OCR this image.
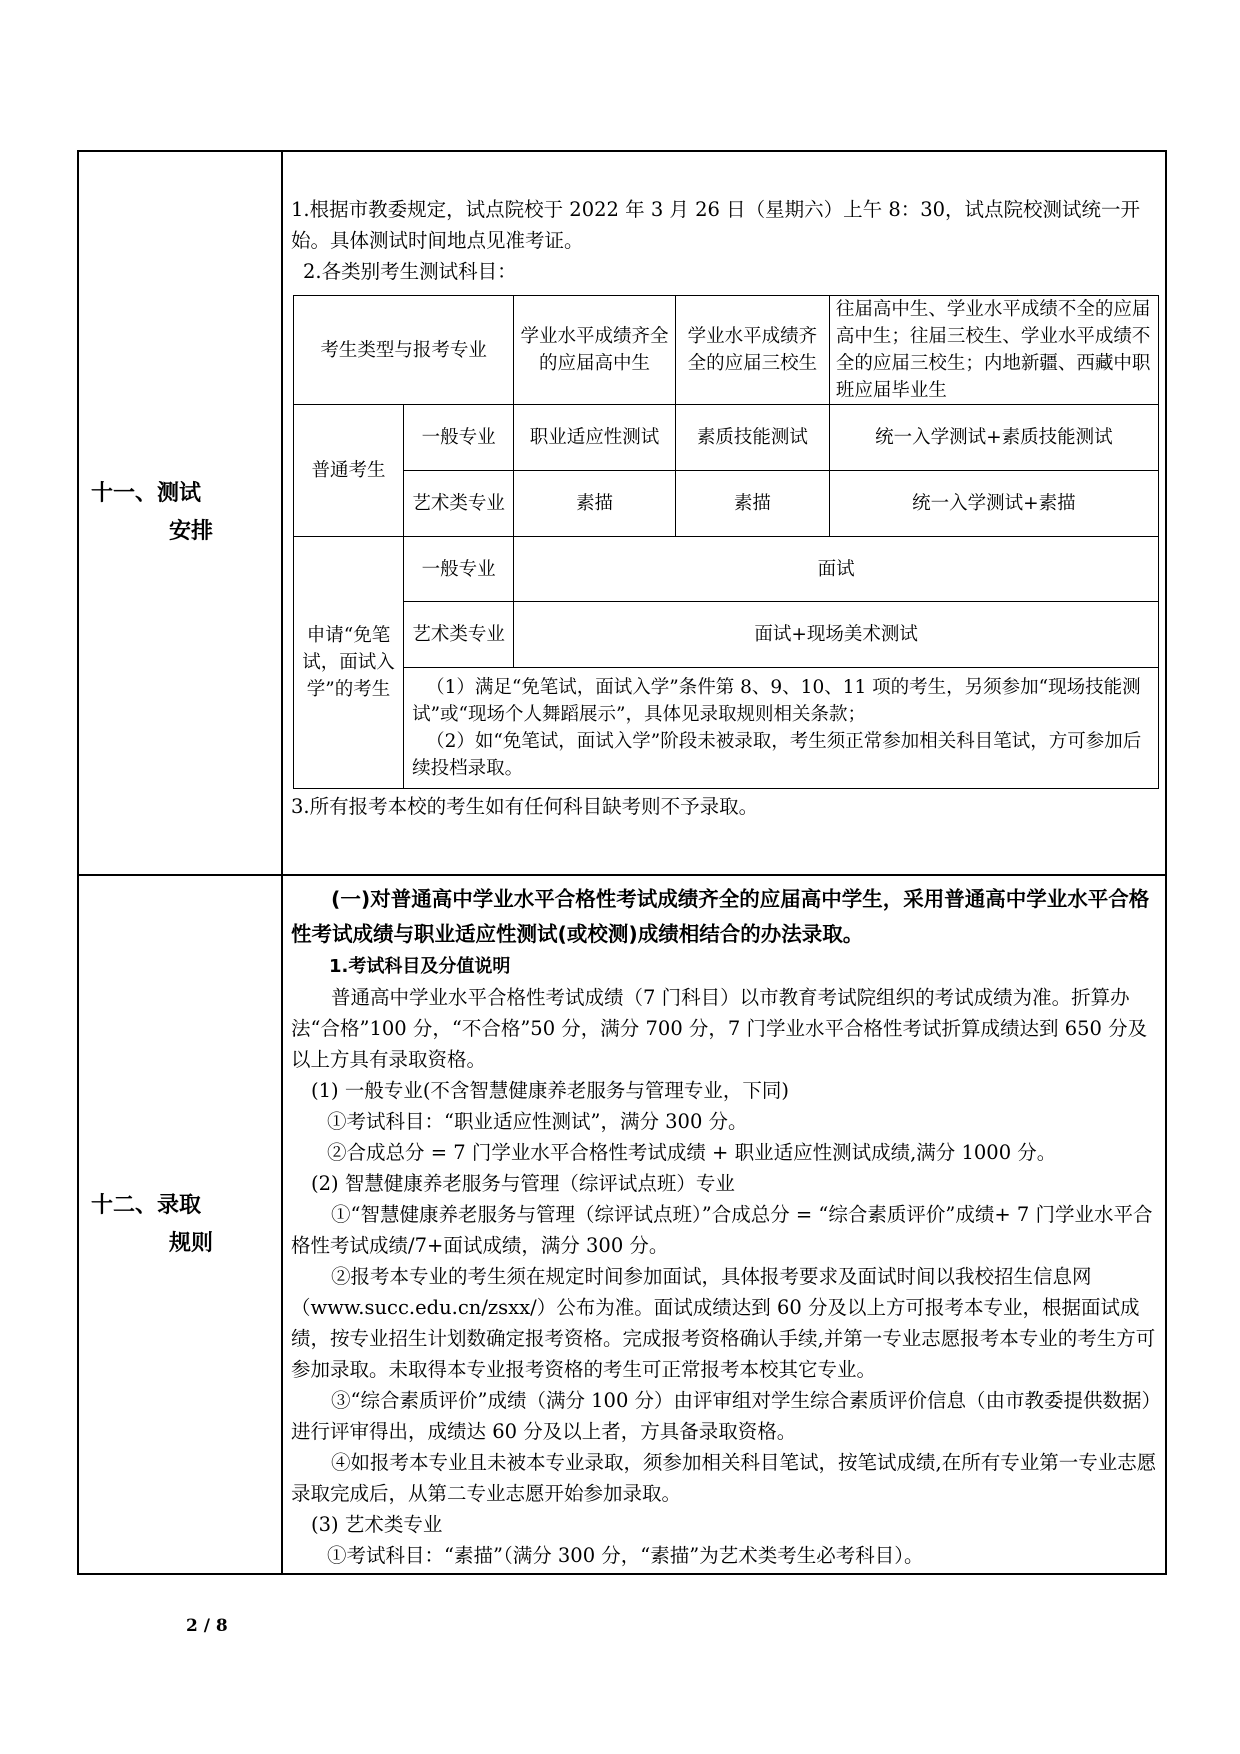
十一、测试
安排

1.根据市教委规定，试点院校于 2022 年 3 月 26 日（星期六）上午 8：30，试点院校测试统一开始。具体测试时间地点见准考证。

2.各类别考生测试科目：

考生类型与报考专业	学业水平成绩齐全的应届高中生	学业水平成绩齐全的应届三校生	往届高中生、学业水平成绩不全的应届高中生；往届三校生、学业水平成绩不全的应届三校生；内地新疆、西藏中职班应届毕业生
普通考生	一般专业	职业适应性测试	素质技能测试	统一入学测试+素质技能测试
艺术类专业	素描	素描	统一入学测试+素描
申请“免笔试，面试入学”的考生	一般专业	面试
艺术类专业	面试+现场美术测试

（1）满足“免笔试，面试入学”条件第 8、9、10、11 项的考生，另须参加“现场技能测试”或“现场个人舞蹈展示”，具体见录取规则相关条款；
（2）如“免笔试，面试入学”阶段未被录取，考生须正常参加相关科目笔试，方可参加后续投档录取。

3.所有报考本校的考生如有任何科目缺考则不予录取。

十二、录取
规则

(一)对普通高中学业水平合格性考试成绩齐全的应届高中学生，采用普通高中学业水平合格性考试成绩与职业适应性测试(或校测)成绩相结合的办法录取。

1.考试科目及分值说明

普通高中学业水平合格性考试成绩（7 门科目）以市教育考试院组织的考试成绩为准。折算办法“合格”100 分，“不合格”50 分，满分 700 分，7 门学业水平合格性考试折算成绩达到 650 分及以上方具有录取资格。

(1) 一般专业(不含智慧健康养老服务与管理专业，下同)

①考试科目：“职业适应性测试”，满分 300 分。

②合成总分 = 7 门学业水平合格性考试成绩 + 职业适应性测试成绩,满分 1000 分。

(2) 智慧健康养老服务与管理（综评试点班）专业

①“智慧健康养老服务与管理（综评试点班）”合成总分 = “综合素质评价”成绩+ 7 门学业水平合格性考试成绩/7+面试成绩，满分 300 分。

②报考本专业的考生须在规定时间参加面试，具体报考要求及面试时间以我校招生信息网（www.succ.edu.cn/zsxx/）公布为准。面试成绩达到 60 分及以上方可报考本专业，根据面试成绩，按专业招生计划数确定报考资格。完成报考资格确认手续,并第一专业志愿报考本专业的考生方可参加录取。未取得本专业报考资格的考生可正常报考本校其它专业。

③“综合素质评价”成绩（满分 100 分）由评审组对学生综合素质评价信息（由市教委提供数据）进行评审得出，成绩达 60 分及以上者，方具备录取资格。

④如报考本专业且未被本专业录取，须参加相关科目笔试，按笔试成绩,在所有专业第一专业志愿录取完成后，从第二专业志愿开始参加录取。

(3) 艺术类专业

①考试科目：“素描”（满分 300 分，“素描”为艺术类考生必考科目）。

2 / 8
